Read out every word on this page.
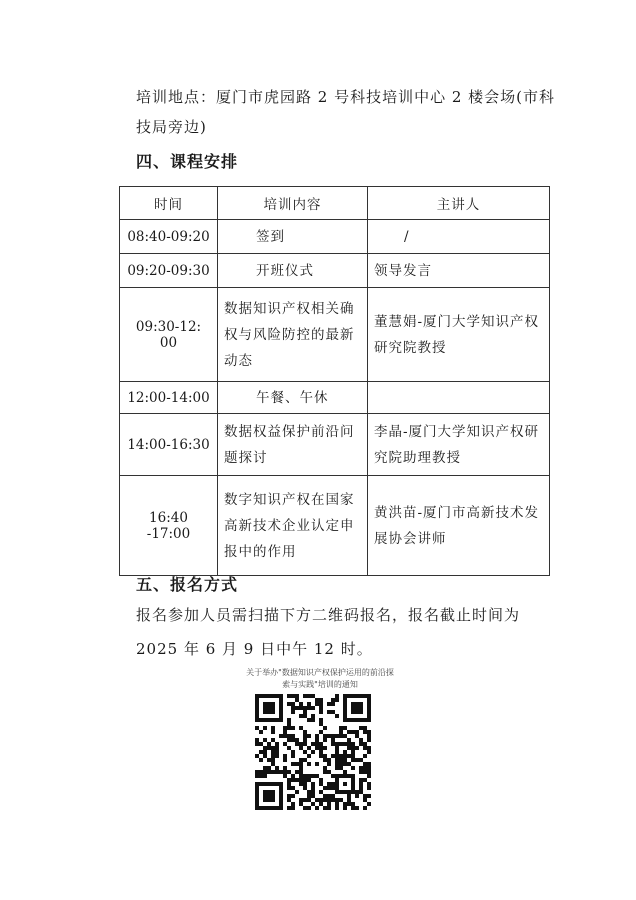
培训地点：厦门市虎园路 2 号科技培训中心 2 楼会场(市科技局旁边)
四、课程安排
时间	培训内容	主讲人
08:40-09:20	签到	/
09:20-09:30	开班仪式	领导发言
09:30-12: 00	数据知识产权相关确权与风险防控的最新动态	董慧娟-厦门大学知识产权研究院教授
12:00-14:00	午餐、午休	
14:00-16:30	数据权益保护前沿问题探讨	李晶-厦门大学知识产权研究院助理教授
16:40 -17:00	数字知识产权在国家高新技术企业认定申报中的作用	黄洪苗-厦门市高新技术发展协会讲师
五、报名方式
报名参加人员需扫描下方二维码报名，报名截止时间为 2025 年 6 月 9 日中午 12 时。
关于举办"数据知识产权保护运用的前沿探
索与实践"培训的通知
